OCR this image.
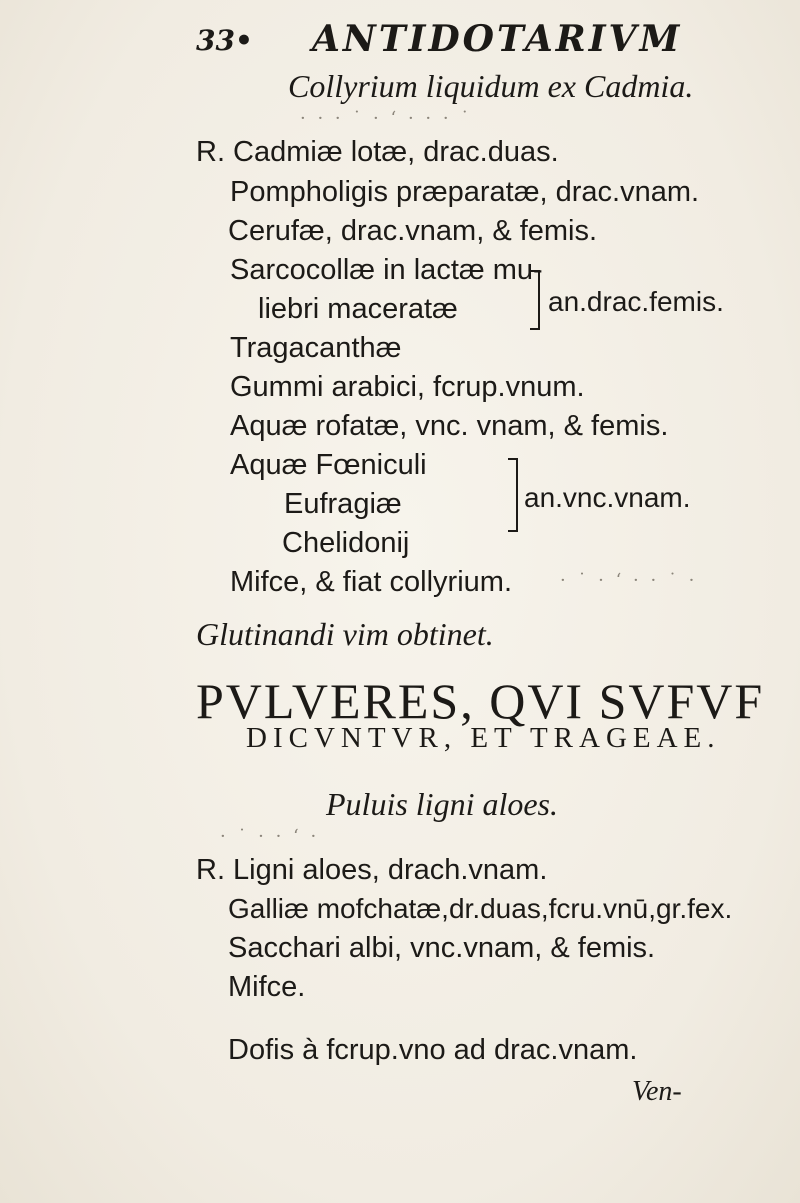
33• ANTIDOTARIVM
Collyrium liquidum ex Cadmia.
· · · ˙ · ‘ · · · ˙
R. Cadmiæ lotæ, drac.duas.
Pompholigis præparatæ, drac.vnam.
Cerufæ, drac.vnam, & femis.
Sarcocollæ in lactæ mu-
liebri maceratæ	an.drac.femis.
Tragacanthæ
Gummi arabici, fcrup.vnum.
Aquæ rofatæ, vnc. vnam, & femis.
Aquæ Fœniculi
Eufragiæ	an.vnc.vnam.
Chelidonij
Mifce, & fiat collyrium.	· ˙ · ‘ · · ˙ ·
Glutinandi vim obtinet.
PVLVERES, QVI SVFVF
DICVNTVR, ET TRAGEAE.
Puluis ligni aloes.
· ˙ · · ‘ ·
R. Ligni aloes, drach.vnam.
Galliæ mofchatæ,dr.duas,fcru.vnū,gr.fex.
Sacchari albi, vnc.vnam, & femis.
Mifce.
Dofis à fcrup.vno ad drac.vnam.
Ven-
